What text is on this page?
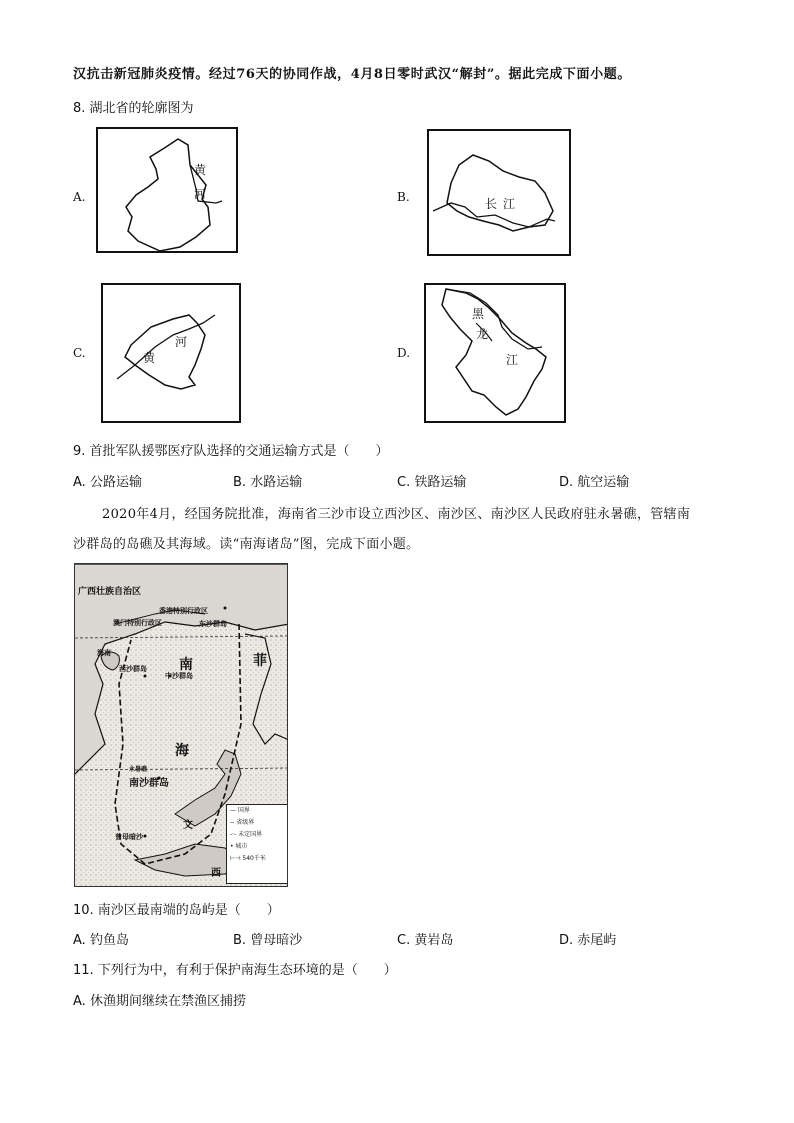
汉抗击新冠肺炎疫情。经过76天的协同作战，4月8日零时武汉“解封”。据此完成下面小题。
8. 湖北省的轮廓图为
A.
黄
河	B.	长 江
C.
河
黄	D.
黑
龙
江
9. 首批军队援鄂医疗队选择的交通运输方式是（　　）
A. 公路运输	B. 水路运输	C. 铁路运输	D. 航空运输
2020年4月，经国务院批准，海南省三沙市设立西沙区、南沙区、南沙区人民政府驻永暑礁，管辖南
沙群岛的岛礁及其海域。读“南海诸岛”图，完成下面小题。
广西壮族自治区
香港特别行政区
东沙群岛
澳门特别行政区
海南
西沙群岛
中沙群岛
南
海
菲
南沙群岛
永暑礁
曾母暗沙
文
西
— 国界
-- 省级界
-·- 未定国界
• 城市
⊢⊣ 540千米
10. 南沙区最南端的岛屿是（　　）
A. 钓鱼岛	B. 曾母暗沙	C. 黄岩岛	D. 赤尾屿
11. 下列行为中，有利于保护南海生态环境的是（　　）
A. 休渔期间继续在禁渔区捕捞
